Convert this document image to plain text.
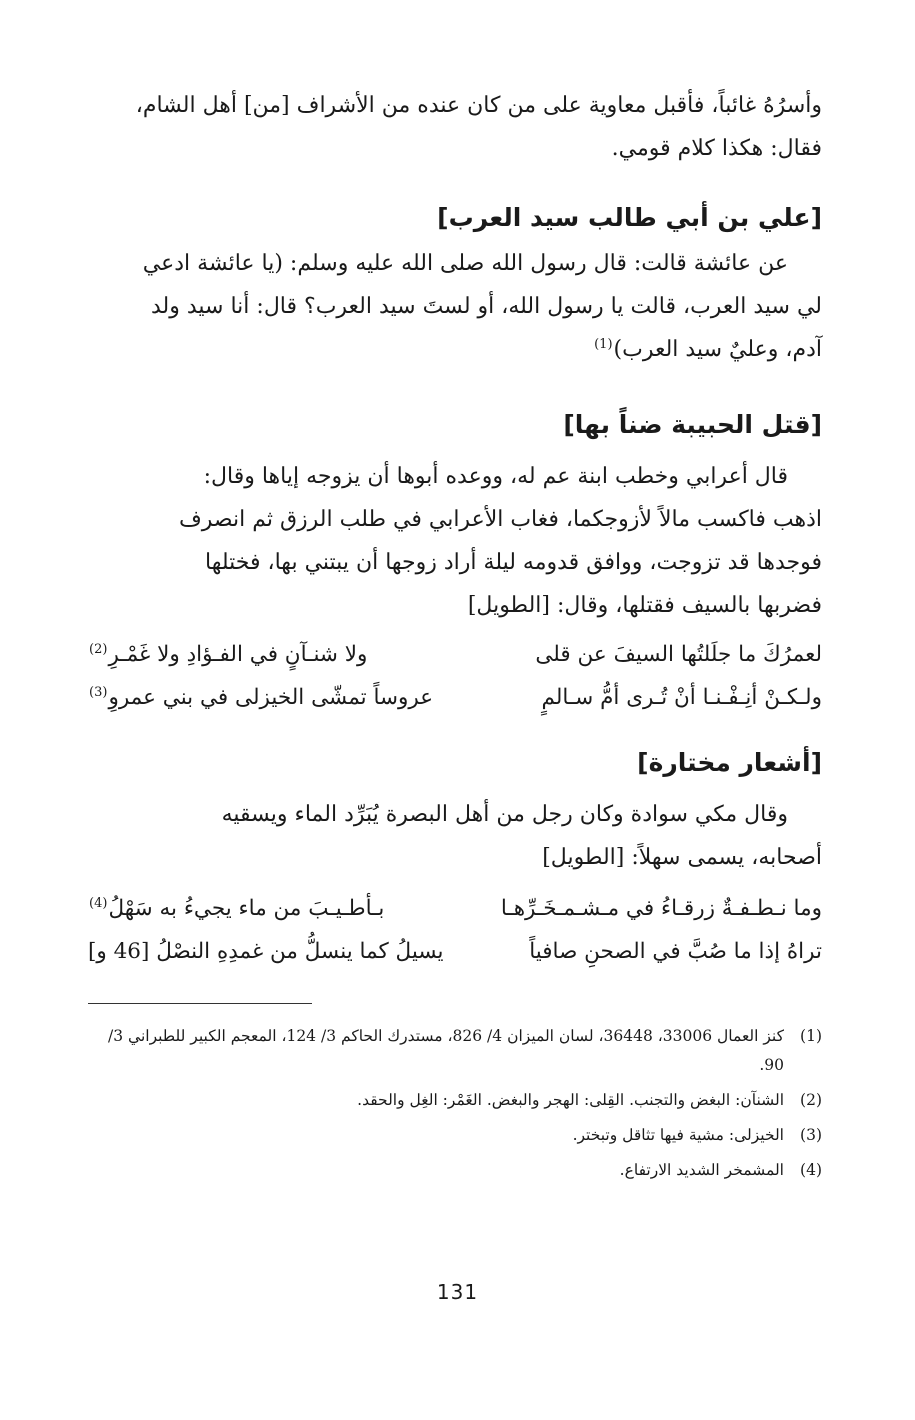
وأسرُهُ غائباً، فأقبل معاوية على من كان عنده من الأشراف [من] أهل الشام،

فقال: هكذا كلام قومي.

[علي بن أبي طالب سيد العرب]

عن عائشة قالت: قال رسول الله صلى الله عليه وسلم: (يا عائشة ادعي

لي سيد العرب، قالت يا رسول الله، أو لستَ سيد العرب؟ قال: أنا سيد ولد

آدم، وعليٌ سيد العرب)$^{(1)}$

[قتل الحبيبة ضناً بها]

قال أعرابي وخطب ابنة عم له، ووعده أبوها أن يزوجه إياها وقال:

اذهب فاكسب مالاً لأزوجكما، فغاب الأعرابي في طلب الرزق ثم انصرف

فوجدها قد تزوجت، ووافق قدومه ليلة أراد زوجها أن يبتني بها، فختلها

فضربها بالسيف فقتلها، وقال: [الطويل]

لعمرُكَ ما جلَلتُها السيفَ عن قلى
ولا شنـآنٍ في الفـؤادِ ولا غَمْـرِ$^{(2)}$
ولـكـنْ أنِـفْـنـا أنْ تُـرى أمُّ سـالمٍ
عروساً تمشّى الخيزلى في بني عمروِ$^{(3)}$
[أشعار مختارة]

وقال مكي سوادة وكان رجل من أهل البصرة يُبَرِّد الماء ويسقيه

أصحابه، يسمى سهلاً: [الطويل]

وما نـطـفـةٌ زرقـاءُ في مـشـمـخَـرِّهـا
بـأطـيـبَ من ماء يجيءُ به سَهْلُ$^{(4)}$
تراهُ إذا ما صُبَّ في الصحنِ صافياً
يسيلُ كما ينسلُّ من غمدِهِ النصْلُ [46 و]
(1)
كنز العمال 33006، 36448، لسان الميزان 4/ 826، مستدرك الحاكم 3/ 124، المعجم الكبير للطبراني 3/ 90.
(2)
الشنآن: البغض والتجنب. القِلى: الهجر والبغض. الغَمْر: الغِل والحقد.
(3)
الخيزلى: مشية فيها تثاقل وتبختر.
(4)
المشمخر الشديد الارتفاع.
131
